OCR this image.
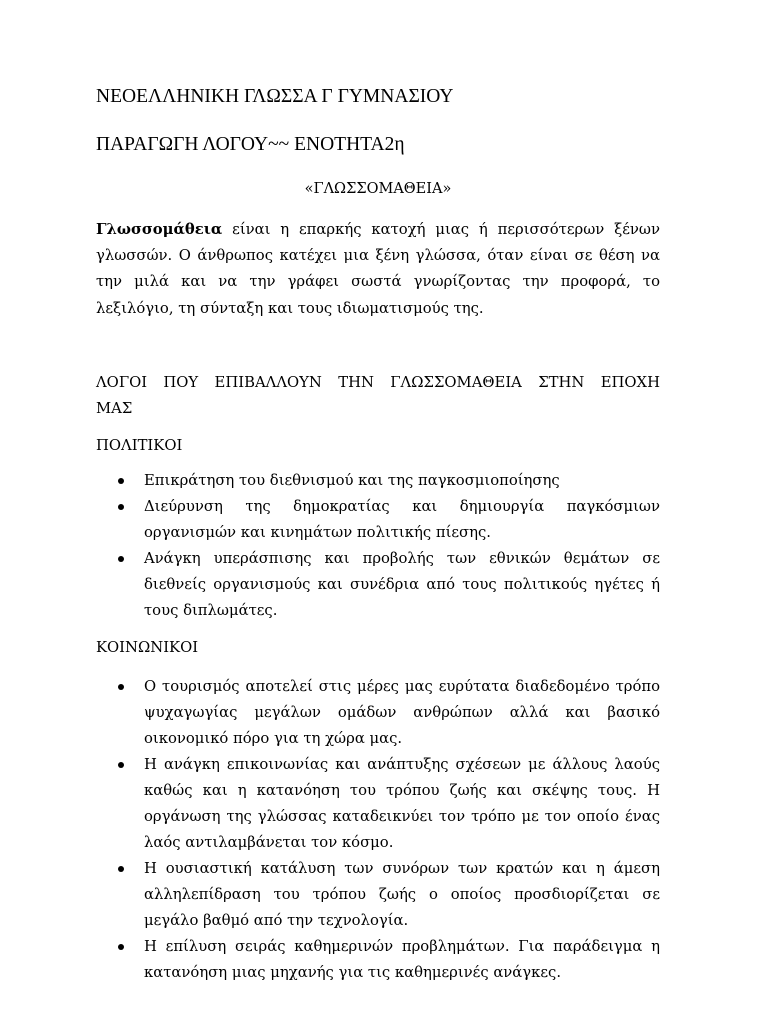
ΝΕΟΕΛΛΗΝΙΚΗ ΓΛΩΣΣΑ Γ ΓΥΜΝΑΣΙΟΥ
ΠΑΡΑΓΩΓΗ ΛΟΓΟΥ~~ ΕΝΟΤΗΤΑ2η
«ΓΛΩΣΣΟΜΑΘΕΙΑ»

Γλωσσομάθεια είναι η επαρκής κατοχή μιας ή περισσότερων ξένων γλωσσών. Ο άνθρωπος κατέχει μια ξένη γλώσσα, όταν είναι σε θέση να την μιλά και να την γράφει σωστά γνωρίζοντας την προφορά, το λεξιλόγιο, τη σύνταξη και τους ιδιωματισμούς της.

ΛΟΓΟΙ ΠΟΥ ΕΠΙΒΑΛΛΟΥΝ ΤΗΝ ΓΛΩΣΣΟΜΑΘΕΙΑ ΣΤΗΝ ΕΠΟΧΗ
ΜΑΣ
ΠΟΛΙΤΙΚΟΙ
Επικράτηση του διεθνισμού και της παγκοσμιοποίησης
Διεύρυνση της δημοκρατίας και δημιουργία παγκόσμιων οργανισμών και κινημάτων πολιτικής πίεσης.
Ανάγκη υπεράσπισης και προβολής των εθνικών θεμάτων σε διεθνείς οργανισμούς και συνέδρια από τους πολιτικούς ηγέτες ή τους διπλωμάτες.
ΚΟΙΝΩΝΙΚΟΙ
Ο τουρισμός αποτελεί στις μέρες μας ευρύτατα διαδεδομένο τρόπο ψυχαγωγίας μεγάλων ομάδων ανθρώπων αλλά και βασικό οικονομικό πόρο για τη χώρα μας.
Η ανάγκη επικοινωνίας και ανάπτυξης σχέσεων με άλλους λαούς καθώς και η κατανόηση του τρόπου ζωής και σκέψης τους. Η οργάνωση της γλώσσας καταδεικνύει τον τρόπο με τον οποίο ένας λαός αντιλαμβάνεται τον κόσμο.
Η ουσιαστική κατάλυση των συνόρων των κρατών και η άμεση αλληλεπίδραση του τρόπου ζωής ο οποίος προσδιορίζεται σε μεγάλο βαθμό από την τεχνολογία.
Η επίλυση σειράς καθημερινών προβλημάτων. Για παράδειγμα η κατανόηση μιας μηχανής για τις καθημερινές ανάγκες.
